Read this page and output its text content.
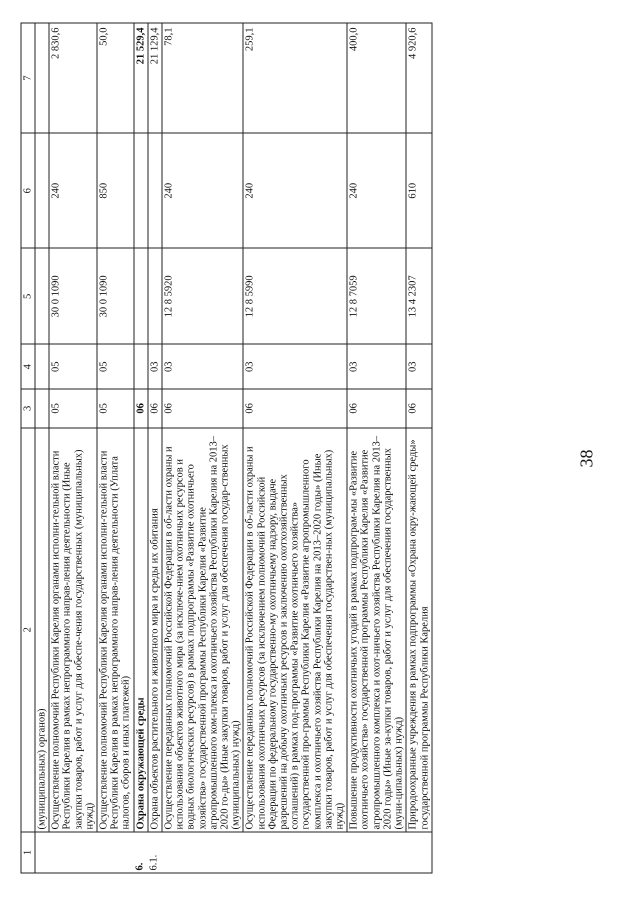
38
1	2	3	4	5	6	7
	(муниципальных) органов)					
	Осуществление полномочий Республики Карелия органами исполни-тельной власти Республики Карелия в рамках непрограммного направ-ления деятельности (Иные закупки товаров, работ и услуг для обеспе-чения государственных (муниципальных) нужд)	05	05	30 0 1090	240	2 830,6
	Осуществление полномочий Республики Карелия органами исполни-тельной власти Республики Карелия в рамках непрограммного направ-ления деятельности (Уплата налогов, сборов и иных платежей)	05	05	30 0 1090	850	50,0
6.	Охрана окружающей среды	06				21 529,4
6.1.	Охрана объектов растительного и животного мира и среды их обитания	06	03			21 129,4
	Осуществление переданных полномочий Российской Федерации в об-ласти охраны и использования объектов животного мира (за исключе-нием охотничьих ресурсов и водных биологических ресурсов) в рамках подпрограммы «Развитие охотничьего хозяйства» государственной программы Республики Карелия «Развитие агропромышленного ком-плекса и охотничьего хозяйства Республики Карелия на 2013–2020 го-ды» (Иные закупки товаров, работ и услуг для обеспечения государ-ственных (муниципальных) нужд)	06	03	12 8 5920	240	78,1
	Осуществление переданных полномочий Российской Федерации в об-ласти охраны и использования охотничьих ресурсов (за исключением полномочий Российской Федерации по федеральному государственно-му охотничьему надзору, выдаче разрешений на добычу охотничьих ресурсов и заключению охотхозяйственных соглашений) в рамках под-программы «Развитие охотничьего хозяйства» государственной про-граммы Республики Карелия «Развитие агропромышленного комплекса и охотничьего хозяйства Республики Карелия на 2013–2020 годы» (Иные закупки товаров, работ и услуг для обеспечения государствен-ных (муниципальных) нужд)	06	03	12 8 5990	240	259,1
	Повышение продуктивности охотничьих угодий в рамках подпрограм-мы «Развитие охотничьего хозяйства» государственной программы Республики Карелия «Развитие агропромышленного комплекса и охот-ничьего хозяйства Республики Карелия на 2013–2020 годы» (Иные за-купки товаров, работ и услуг для обеспечения государственных (муни-ципальных) нужд)	06	03	12 8 7059	240	400,0
	Природоохранные учреждения в рамках подпрограммы «Охрана окру-жающей среды» государственной программы Республики Карелия	06	03	13 4 2307	610	4 920,6
